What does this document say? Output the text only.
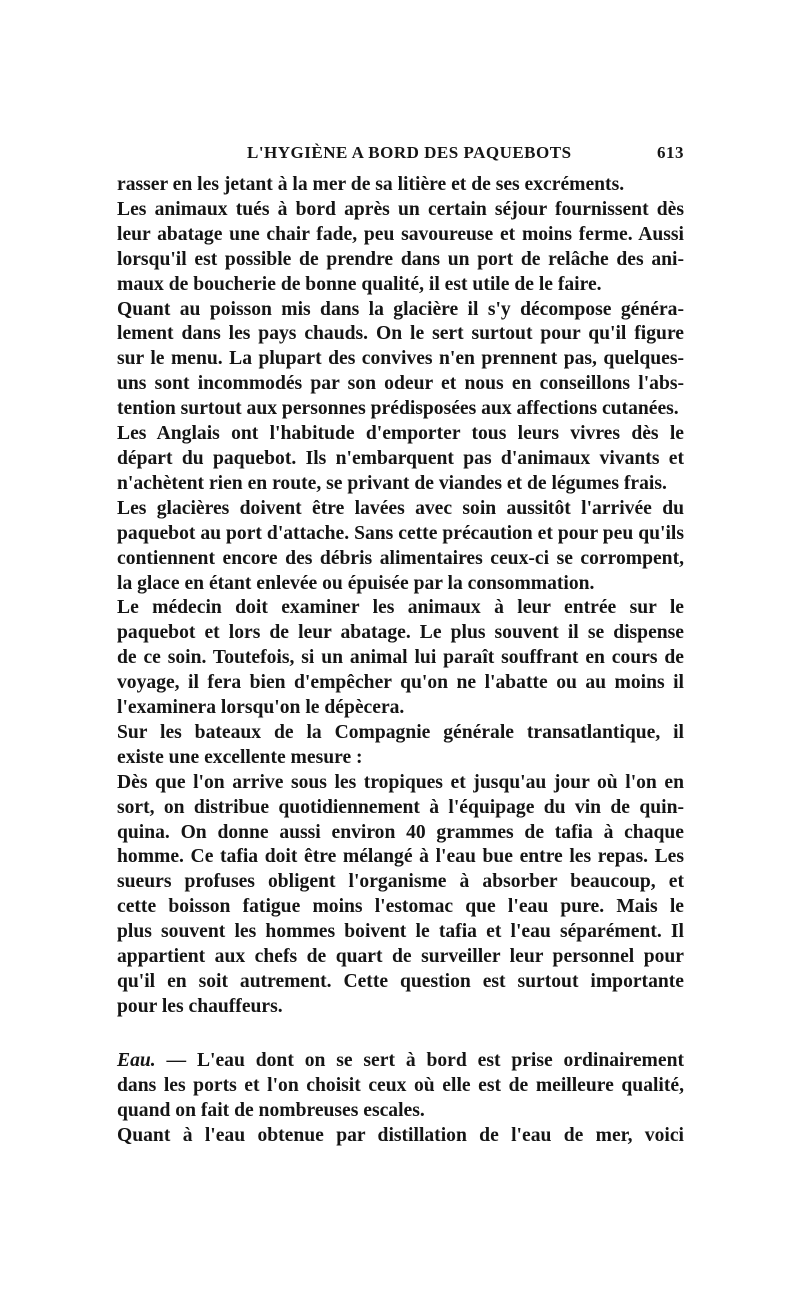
L'HYGIÈNE A BORD DES PAQUEBOTS	613

rasser en les jetant à la mer de sa litière et de ses excréments.

Les animaux tués à bord après un certain séjour fournissent dès
leur abatage une chair fade, peu savoureuse et moins ferme. Aussi
lorsqu'il est possible de prendre dans un port de relâche des ani-
maux de boucherie de bonne qualité, il est utile de le faire.

Quant au poisson mis dans la glacière il s'y décompose généra-
lement dans les pays chauds. On le sert surtout pour qu'il figure
sur le menu. La plupart des convives n'en prennent pas, quelques-
uns sont incommodés par son odeur et nous en conseillons l'abs-
tention surtout aux personnes prédisposées aux affections cutanées.

Les Anglais ont l'habitude d'emporter tous leurs vivres dès le
départ du paquebot. Ils n'embarquent pas d'animaux vivants et
n'achètent rien en route, se privant de viandes et de légumes frais.

Les glacières doivent être lavées avec soin aussitôt l'arrivée du
paquebot au port d'attache. Sans cette précaution et pour peu qu'ils
contiennent encore des débris alimentaires ceux-ci se corrompent,
la glace en étant enlevée ou épuisée par la consommation.

Le médecin doit examiner les animaux à leur entrée sur le
paquebot et lors de leur abatage. Le plus souvent il se dispense
de ce soin. Toutefois, si un animal lui paraît souffrant en cours de
voyage, il fera bien d'empêcher qu'on ne l'abatte ou au moins il
l'examinera lorsqu'on le dépècera.

Sur les bateaux de la Compagnie générale transatlantique, il
existe une excellente mesure :

Dès que l'on arrive sous les tropiques et jusqu'au jour où l'on en
sort, on distribue quotidiennement à l'équipage du vin de quin-
quina. On donne aussi environ 40 grammes de tafia à chaque
homme. Ce tafia doit être mélangé à l'eau bue entre les repas. Les
sueurs profuses obligent l'organisme à absorber beaucoup, et
cette boisson fatigue moins l'estomac que l'eau pure. Mais le
plus souvent les hommes boivent le tafia et l'eau séparément. Il
appartient aux chefs de quart de surveiller leur personnel pour
qu'il en soit autrement. Cette question est surtout importante
pour les chauffeurs.

Eau. — L'eau dont on se sert à bord est prise ordinairement
dans les ports et l'on choisit ceux où elle est de meilleure qualité,
quand on fait de nombreuses escales.

Quant à l'eau obtenue par distillation de l'eau de mer, voici
